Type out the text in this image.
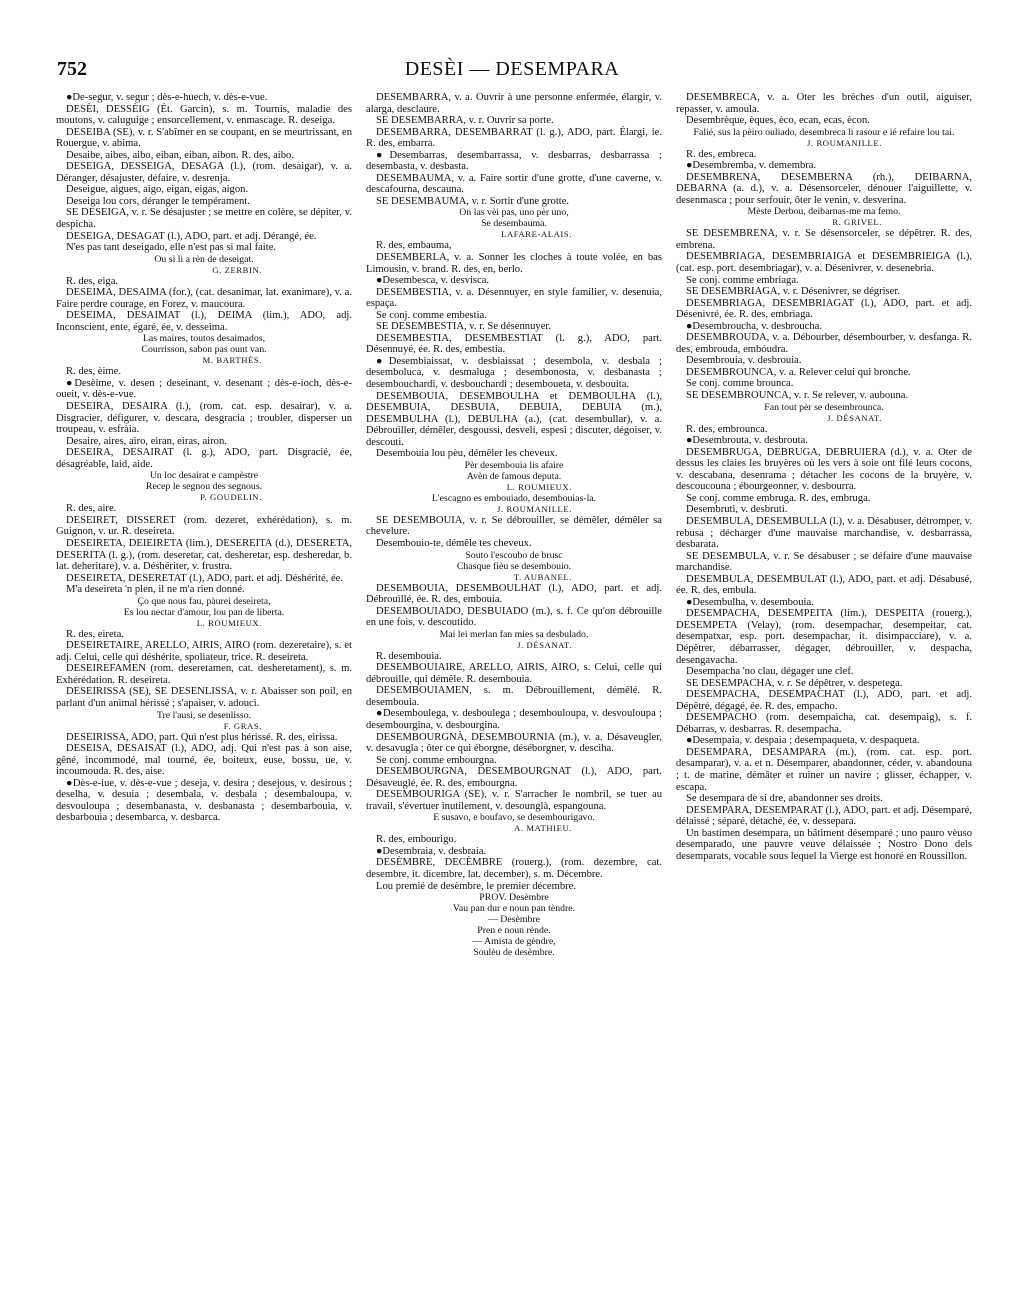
752	DESÈI — DESEMPARA

●De-segur, v. segur ; dès-e-huech, v. dès-e-vue.

DESÈI, DESSÈIG (Ét. Garcin), s. m. Tournis, maladie des moutons, v. caluguige ; ensorcellement, v. enmascage. R. deseiga.

DESEIBA (SE), v. r. S'abîmer en se coupant, en se meurtrissant, en Rouergue, v. abima.

Desaibe, aibes, aibo, eiban, eiban, aibon. R. des, aibo.

DESEIGA, DESSEIGA, DESAGA (l.), (rom. desaigar), v. a. Déranger, désajuster, défaire, v. desrenja.

Deseigue, aigues, aigo, eigan, eigas, aigon.

Deseiga lou cors, déranger le tempérament.

SE DESEIGA, v. r. Se désajuster ; se mettre en colère, se dépiter, v. despicha.

DESEIGA, DESAGAT (l.), ADO, part. et adj. Dérangé, ée.

N'es pas tant deseigado, elle n'est pas si mal faite.

Ou si li a rèn de deseigat.

G. ZERBIN.

R. des, eiga.

DESEIMA, DESAIMA (for.), (cat. desanimar, lat. exanimare), v. a. Faire perdre courage, en Forez, v. maucoura.

DESEIMA, DESAIMAT (l.), DEIMA (lim.), ADO, adj. Inconscient, ente, égaré, ée, v. desseima.

Las maires, toutos desaimados,

Courrisson, sabon pas ount van.

M. BARTHÉS.

R. des, èime.

●Desèime, v. desen ; deseinant, v. desenant ; dès-e-ioch, dès-e-oueit, v. dès-e-vue.

DESEIRA, DESAIRA (l.), (rom. cat. esp. desairar), v. a. Disgracier, défigurer, v. descara, desgracia ; troubler, disperser un troupeau, v. esfràia.

Desaire, aires, airo, eiran, eiras, airon.

DESEIRA, DESAIRAT (l. g.), ADO, part. Disgracié, ée, désagréable, laid, aide.

Un loc desairat e campèstre

Recep le segnou des segnous.

P. GOUDELIN.

R. des, aire.

DESEIRET, DISSERET (rom. dezeret, exhérédation), s. m. Guignon, v. ur. R. deseireta.

DESEIRETA, DEIEIRETA (lim.), DESEREITA (d.), DESERETA, DESERITA (l. g.), (rom. deseretar, cat. desheretar, esp. desheredar, b. lat. deheritare), v. a. Déshériter, v. frustra.

DESEIRETA, DESERETAT (l.), ADO, part. et adj. Déshérité, ée.

M'a deseireta 'n plen, il ne m'a rien donné.

Ço que nous fau, pàurei deseireta,

Es lou nectar d'amour, lou pan de liberta.

L. ROUMIEUX.

R. des, eireta.

DESEIRETAIRE, ARELLO, AIRIS, AIRO (rom. dezeretaire), s. et adj. Celui, celle qui déshérite, spoliateur, trice. R. deseireta.

DESEIREFAMEN (rom. deseretamen, cat. desheretament), s. m. Exhérédation. R. deseireta.

DESEIRISSA (SE), SE DESENLISSA, v. r. Abaisser son poil, en parlant d'un animal hérissé ; s'apaiser, v. adouci.

Tre l'ausi, se desenlisso.

F. GRAS.

DESEIRISSA, ADO, part. Qui n'est plus hérissé. R. des, eirissa.

DESEISA, DESAISAT (l.), ADO, adj. Qui n'est pas à son aise, gêné, incommodé, mal tourné, ée, boiteux, euse, bossu, ue, v. incoumouda. R. des, aise.

●Dès-e-iue, v. dès-e-vue ; deseja, v. desira ; desejous, v. desirous ; deselha, v. desuia ; desembala, v. desbala ; desembaloupa, v. desvouloupa ; desembanasta, v. desbanasta ; desembarbouia, v. desbarbouia ; desembarca, v. desbarca.

DESEMBARRA, v. a. Ouvrir à une personne enfermée, élargir, v. alarga, desclaure.

SE DESEMBARRA, v. r. Ouvrir sa porte.

DESEMBARRA, DESEMBARRAT (l. g.), ADO, part. Élargi, ie. R. des, embarra.

●Desembarras, desembarrassa, v. desbarras, desbarrassa ; desembasta, v. desbasta.

DESEMBAUMA, v. a. Faire sortir d'une grotte, d'une caverne, v. descafourna, descauna.

SE DESEMBAUMA, v. r. Sortir d'une grotte.

On las vèi pas, uno pèr uno,

Se desembauma.

LAFARE-ALAIS.

R. des, embauma,

DESEMBERLA, v. a. Sonner les cloches à toute volée, en bas Limousin, v. brand. R. des, en, berlo.

●Desembesca, v. desvisca.

DESEMBESTIA, v. a. Désennuyer, en style familier, v. desenuia, espaça.

Se conj. comme embestia.

SE DESEMBESTIA, v. r. Se désennuyer.

DESEMBESTIA, DESEMBESTIAT (l. g.), ADO, part. Désennuyé, ée. R. des, embestia.

●Desembiaissat, v. desbiaissat ; desembola, v. desbala ; desemboluca, v. desmaluga ; desembonosta, v. desbanasta ; desembouchardi, v. desbouchardi ; desemboueta, v. desbouita.

DESEMBOUIA, DESEMBOULHA et DEMBOULHA (l.), DESEMBUIA, DESBUIA, DEBUIA, DEBUIA (m.), DESEMBULHA (l.), DEBULHA (a.), (cat. desembullar), v. a. Débrouiller, démêler, desgoussi, desveli, espesi ; discuter, dégoiser, v. descouti.

Desembouia lou pèu, démêler les cheveux.

Pèr desembouia lis afaire

Avèn de famous deputa.

L. ROUMIEUX.

L'escagno es embouiado, desembouias-la.

J. ROUMANILLE.

SE DESEMBOUIA, v. r. Se débrouiller, se démêler, démêler sa chevelure.

Desembouio-te, démêle tes cheveux.

Souto l'escoubo de brusc

Chasque fièu se desembouio.

T. AUBANEL.

DESEMBOUIA, DESEMBOULHAT (l.), ADO, part. et adj. Débrouillé, ée. R. des, embouia.

DESEMBOUIADO, DESBUIADO (m.), s. f. Ce qu'on débrouille en une fois, v. descoutido.

Mai lei merlan fan mies sa desbulado.

J. DÉSANAT.

R. desembouia.

DESEMBOUIAIRE, ARELLO, AIRIS, AIRO, s. Celui, celle qui débrouille, qui démêle. R. desembouia.

DESEMBOUIAMEN, s. m. Débrouillement, démêlé. R. desembouia.

●Desemboulega, v. desboulega ; desembouloupa, v. desvouloupa ; desembourgina, v. desbourgina.

DESEMBOURGNÀ, DESEMBOURNIA (m.), v. a. Désaveugler, v. desavugla ; ôter ce qui éborgne, déséborgner, v. desciha.

Se conj. comme embourgna.

DESEMBOURGNA, DESEMBOURGNAT (l.), ADO, part. Désaveuglé, ée. R. des, embourgna.

DESEMBOURIGA (SE), v. r. S'arracher le nombril, se tuer au travail, s'évertuer inutilement, v. desounglà, espangouna.

E susavo, e boufavo, se desembourigavo.

A. MATHIEU.

R. des, embourigo.

●Desembraia, v. desbraia.

DESÈMBRE, DECÈMBRE (rouerg.), (rom. dezembre, cat. desembre, it. dicembre, lat. december), s. m. Décembre.

Lou premié de desèmbre, le premier décembre.

PROV. Desèmbre

Vau pan dur e noun pan tèndre.

— Desèmbre

Pren e noun rènde.

— Amista de gèndre,

Soulèu de desèmbre.

DESEMBRECA, v. a. Oter les brèches d'un outil, aiguiser, repasser, v. amoula.

Desembrèque, èques, èco, ecan, ecas, ècon.

Falié, sus la pèiro ouliado, desembreca li rasour e ié refaire lou tai.

J. ROUMANILLE.

R. des, embreca.

●Desembremba, v. demembra.

DESEMBRENA, DESEMBERNA (rh.), DEIBARNA, DEBARNA (a. d.), v. a. Désensorceler, dénouer l'aiguillette, v. desenmasca ; pour serfouir, ôter le venin, v. desverina.

Mèste Derbou, deibarnas-me ma femo.

R. GRIVEL.

SE DESEMBRENA, v. r. Se désensorceler, se dépêtrer. R. des, embrena.

DESEMBRIAGA, DESEMBRIAIGA et DESEMBRIEIGA (l.), (cat. esp. port. desembriagar), v. a. Désenivrer, v. desenebria.

Se conj. comme embriaga.

SE DESEMBRIAGA, v. r. Désenivrer, se dégriser.

DESEMBRIAGA, DESEMBRIAGAT (l.), ADO, part. et adj. Désenivré, ée. R. des, embriaga.

●Desembroucha, v. desbroucha.

DESEMBROUDA, v. a. Débourber, désembourber, v. desfanga. R. des, embrouda, embóudra.

Desembrouia, v. desbrouia.

DESEMBROUNCA, v. a. Relever celui qui bronche.

Se conj. comme brounca.

SE DESEMBROUNCA, v. r. Se relever, v. aubouna.

Fan tout pèr se desembrounca.

J. DÉSANAT.

R. des, embrounca.

●Desembrouta, v. desbrouta.

DESEMBRUGA, DEBRUGA, DEBRUIERA (d.), v. a. Oter de dessus les claies les bruyères où les vers à soie ont filé leurs cocons, v. descabana, desenrama ; détacher les cocons de la bruyère, v. descoucouna ; ébourgeonner, v. desbourra.

Se conj. comme embruga. R. des, embruga.

Desembruti, v. desbruti.

DESEMBULA, DESEMBULLA (l.), v. a. Désabuser, détromper, v. rebusa ; décharger d'une mauvaise marchandise, v. desbarrassa, desbarata.

SE DESEMBULA, v. r. Se désabuser ; se défaire d'une mauvaise marchandise.

DESEMBULA, DESEMBULAT (l.), ADO, part. et adj. Désabusé, ée. R. des, embula.

●Desembulha, v. desembouia.

DESEMPACHA, DESEMPEITA (lim.), DESPEITA (rouerg.), DESEMPETA (Velay), (rom. desempachar, desempeitar, cat. desempatxar, esp. port. desempachar, it. disimpacciare), v. a. Dépêtrer, débarrasser, dégager, débrouiller, v. despacha, desengavacha.

Desempacha 'no clau, dégager une clef.

SE DESEMPACHA, v. r. Se dépêtrer, v. despetega.

DESEMPACHA, DESEMPACHAT (l.), ADO, part. et adj. Dépêtré, dégagé, ée. R. des, empacho.

DESEMPACHO (rom. desempaicha, cat. desempaig), s. f. Débarras, v. desbarras. R. desempacha.

●Desempaia, v. despaia ; desempaqueta, v. despaqueta.

DESEMPARA, DESAMPARA (m.), (rom. cat. esp. port. desamparar), v. a. et n. Désemparer, abandonner, céder, v. abandouna ; t. de marine, démâter et ruiner un navire ; glisser, échapper, v. escapa.

Se desempara de si dre, abandonner ses droits.

DESEMPARA, DESEMPARAT (l.), ADO, part. et adj. Désemparé, délaissé ; séparé, détaché, ée, v. dessepara.

Un bastimen desempara, un bâtiment désemparé ; uno pauro vèuso desemparado, une pauvre veuve délaissée ; Nostro Dono dels desemparats, vocable sous lequel la Vierge est honoré en Roussillon.
